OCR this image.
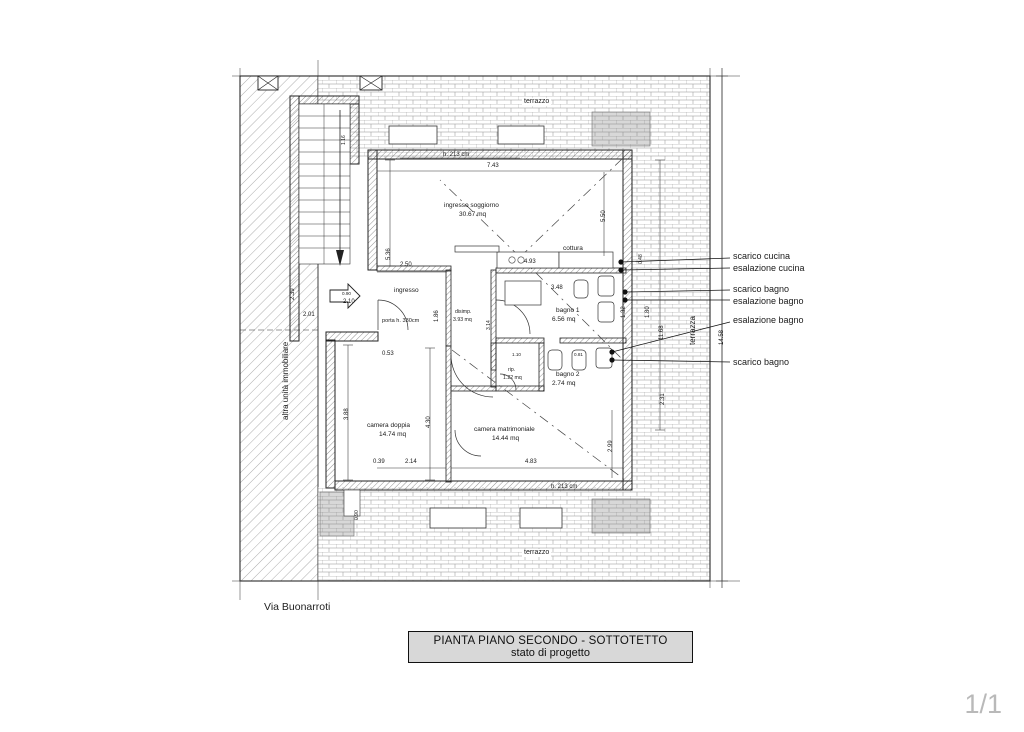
ingresso soggiorno
30.67 mq
cottura
bagno 1
6.56 mq
bagno 2
2.74 mq
camera doppia
14.74 mq
camera matrimoniale
14.44 mq
disimp.
3.93 mq
rip.
1.22 mq
ingresso
terrazzo
terrazzo
terrazza
altra unità immobiliare
h. 213 cm
h. 213 cm
porta h. 330cm
7.43
2.50	4.93
3.48
0.53
2.14	4.83
2.01
2.10
0.90
0.39
1.10	0.81
5.36
2.39
3.88
4.30
2.99
1.86
5.50
1.80
1.32
2.31
11.68	14.58
1.16
3.14
0.48
0.90
scarico cucina
esalazione cucina
scarico bagno
esalazione bagno
esalazione bagno
scarico bagno
Via Buonarroti
PIANTA PIANO SECONDO - SOTTOTETTO
stato di progetto
1/1
